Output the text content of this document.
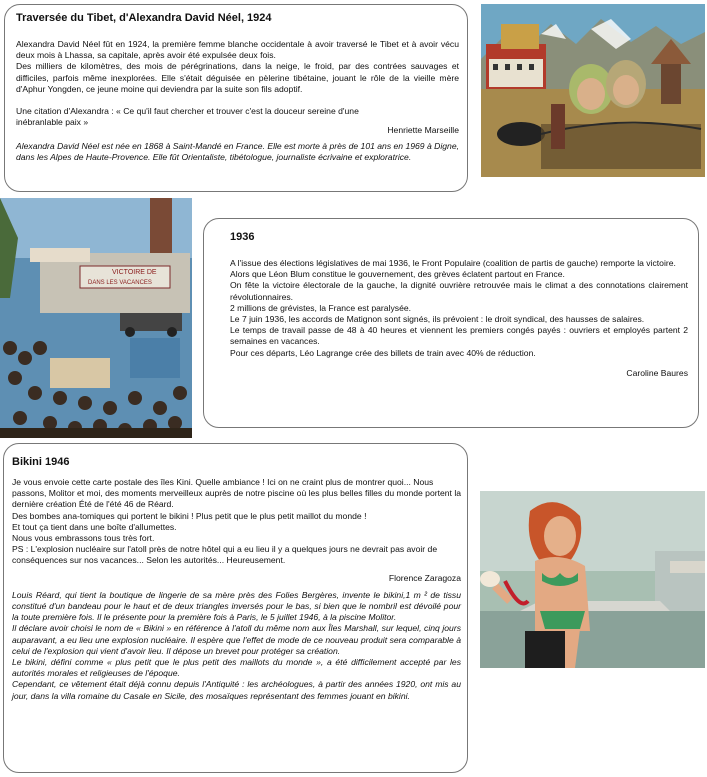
Traversée du Tibet, d'Alexandra David Néel, 1924

Alexandra David Néel fût en 1924, la première femme blanche occidentale à avoir traversé le Tibet et à avoir vécu deux mois à Lhassa, sa capitale, après avoir été expulsée deux fois.

Des milliers de kilomètres, des mois de pérégrinations, dans la neige, le froid, par des contrées sauvages et difficiles, parfois même inexplorées. Elle s'était déguisée en pèlerine tibétaine, jouant le rôle de la vieille mère d'Aphur Yongden, ce jeune moine qui deviendra par la suite son fils adoptif.

Une citation d'Alexandra : « Ce qu'il faut chercher et trouver c'est la douceur sereine d'une inébranlable paix »

Henriette Marseille

Alexandra David Néel est née en 1868 à Saint-Mandé en France. Elle est morte à près de 101 ans en 1969 à Digne, dans les Alpes de Haute-Provence. Elle fût Orientaliste, tibétologue, journaliste écrivaine et exploratrice.

VICTOIRE DE
DANS LES VACANCES
1936

A l'issue des élections législatives de mai 1936, le Front Populaire (coalition de partis de gauche) remporte la victoire.

Alors que Léon Blum constitue le gouvernement, des grèves éclatent partout en France.

On fête la victoire électorale de la gauche, la dignité ouvrière retrouvée mais le climat a des connotations clairement révolutionnaires.

2 millions de grévistes, la France est paralysée.

Le 7 juin 1936, les accords de Matignon sont signés, ils prévoient : le droit syndical, des hausses de salaires.

Le temps de travail passe de 48 à 40 heures et viennent les premiers congés payés : ouvriers et employés partent 2 semaines en vacances.

Pour ces départs, Léo Lagrange crée des billets de train avec 40% de réduction.

Caroline Baures

Bikini 1946

Je vous envoie cette carte postale des îles Kini. Quelle ambiance ! Ici on ne craint plus de montrer quoi... Nous passons, Molitor et moi, des moments merveilleux auprès de notre piscine où les plus belles filles du monde portent la dernière création Été de l'été 46 de Réard.

Des bombes ana-tomiques qui portent le bikini ! Plus petit que le plus petit maillot du monde !

Et tout ça tient dans une boîte d'allumettes.

Nous vous embrassons tous très fort.

PS : L'explosion nucléaire sur l'atoll près de notre hôtel qui a eu lieu il y a quelques jours ne devrait pas avoir de conséquences sur nos vacances... Selon les autorités... Heureusement.

Florence Zaragoza

Louis Réard, qui tient la boutique de lingerie de sa mère près des Folies Bergères, invente le bikini,1 m ² de tissu constitué d'un bandeau pour le haut et de deux triangles inversés pour le bas, si bien que le nombril est dévoilé pour la toute première fois. Il le présente pour la première fois à Paris, le 5 juillet 1946, à la piscine Molitor.

Il déclare avoir choisi le nom de « Bikini » en référence à l'atoll du même nom aux Îles Marshall, sur lequel, cinq jours auparavant, a eu lieu une explosion nucléaire. Il espère que l'effet de mode de ce nouveau produit sera comparable à celui de l'explosion qui vient d'avoir lieu. Il dépose un brevet pour protéger sa création.

Le bikini, défini comme « plus petit que le plus petit des maillots du monde », a été difficilement accepté par les autorités morales et religieuses de l'époque.

Cependant, ce vêtement était déjà connu depuis l'Antiquité : les archéologues, à partir des années 1920, ont mis au jour, dans la villa romaine du Casale en Sicile, des mosaïques représentant des femmes jouant en bikini.
